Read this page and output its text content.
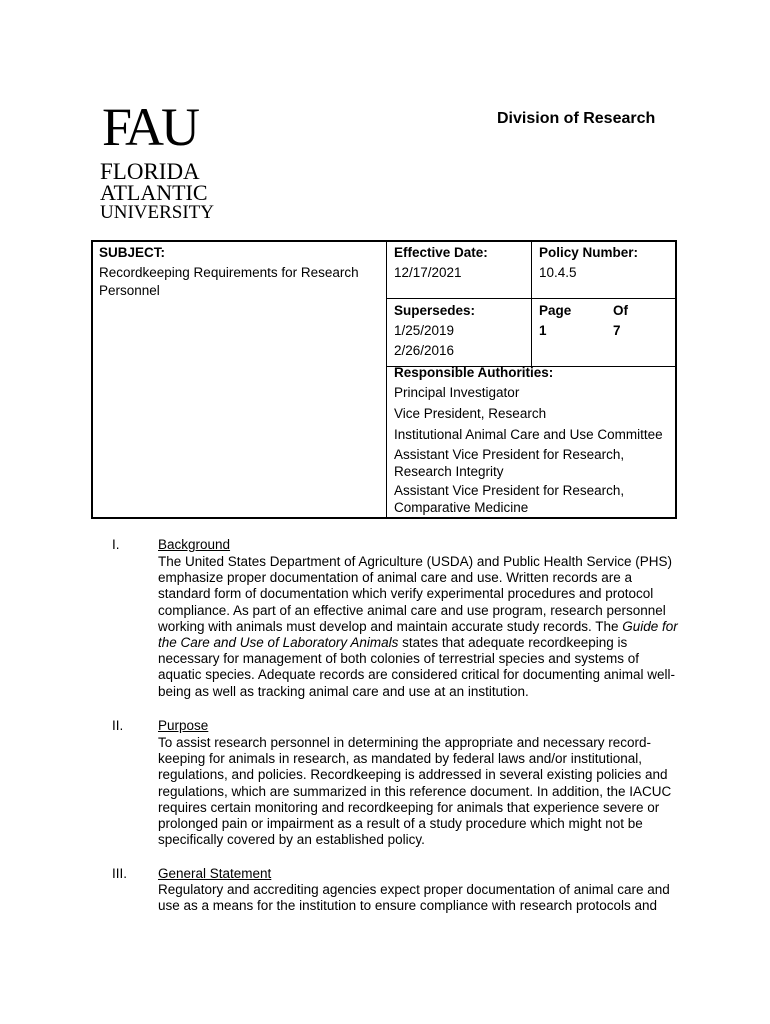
FAU
FLORIDA
ATLANTIC
UNIVERSITY
Division of Research
SUBJECT:
Recordkeeping Requirements for Research Personnel
Effective Date:
12/17/2021
Policy Number:
10.4.5
Supersedes:
1/25/2019
2/26/2016
Page
1
Of
7
Responsible Authorities:
Principal Investigator
Vice President, Research
Institutional Animal Care and Use Committee
Assistant Vice President for Research, Research Integrity
Assistant Vice President for Research, Comparative Medicine
I.	Background
The United States Department of Agriculture (USDA) and Public Health Service (PHS) emphasize proper documentation of animal care and use. Written records are a standard form of documentation which verify experimental procedures and protocol compliance. As part of an effective animal care and use program, research personnel working with animals must develop and maintain accurate study records. The Guide for the Care and Use of Laboratory Animals states that adequate recordkeeping is necessary for management of both colonies of terrestrial species and systems of aquatic species. Adequate records are considered critical for documenting animal well-being as well as tracking animal care and use at an institution.
II.	Purpose
To assist research personnel in determining the appropriate and necessary record-keeping for animals in research, as mandated by federal laws and/or institutional, regulations, and policies. Recordkeeping is addressed in several existing policies and regulations, which are summarized in this reference document. In addition, the IACUC requires certain monitoring and recordkeeping for animals that experience severe or prolonged pain or impairment as a result of a study procedure which might not be specifically covered by an established policy.
III. General Statement
Regulatory and accrediting agencies expect proper documentation of animal care and use as a means for the institution to ensure compliance with research protocols and
